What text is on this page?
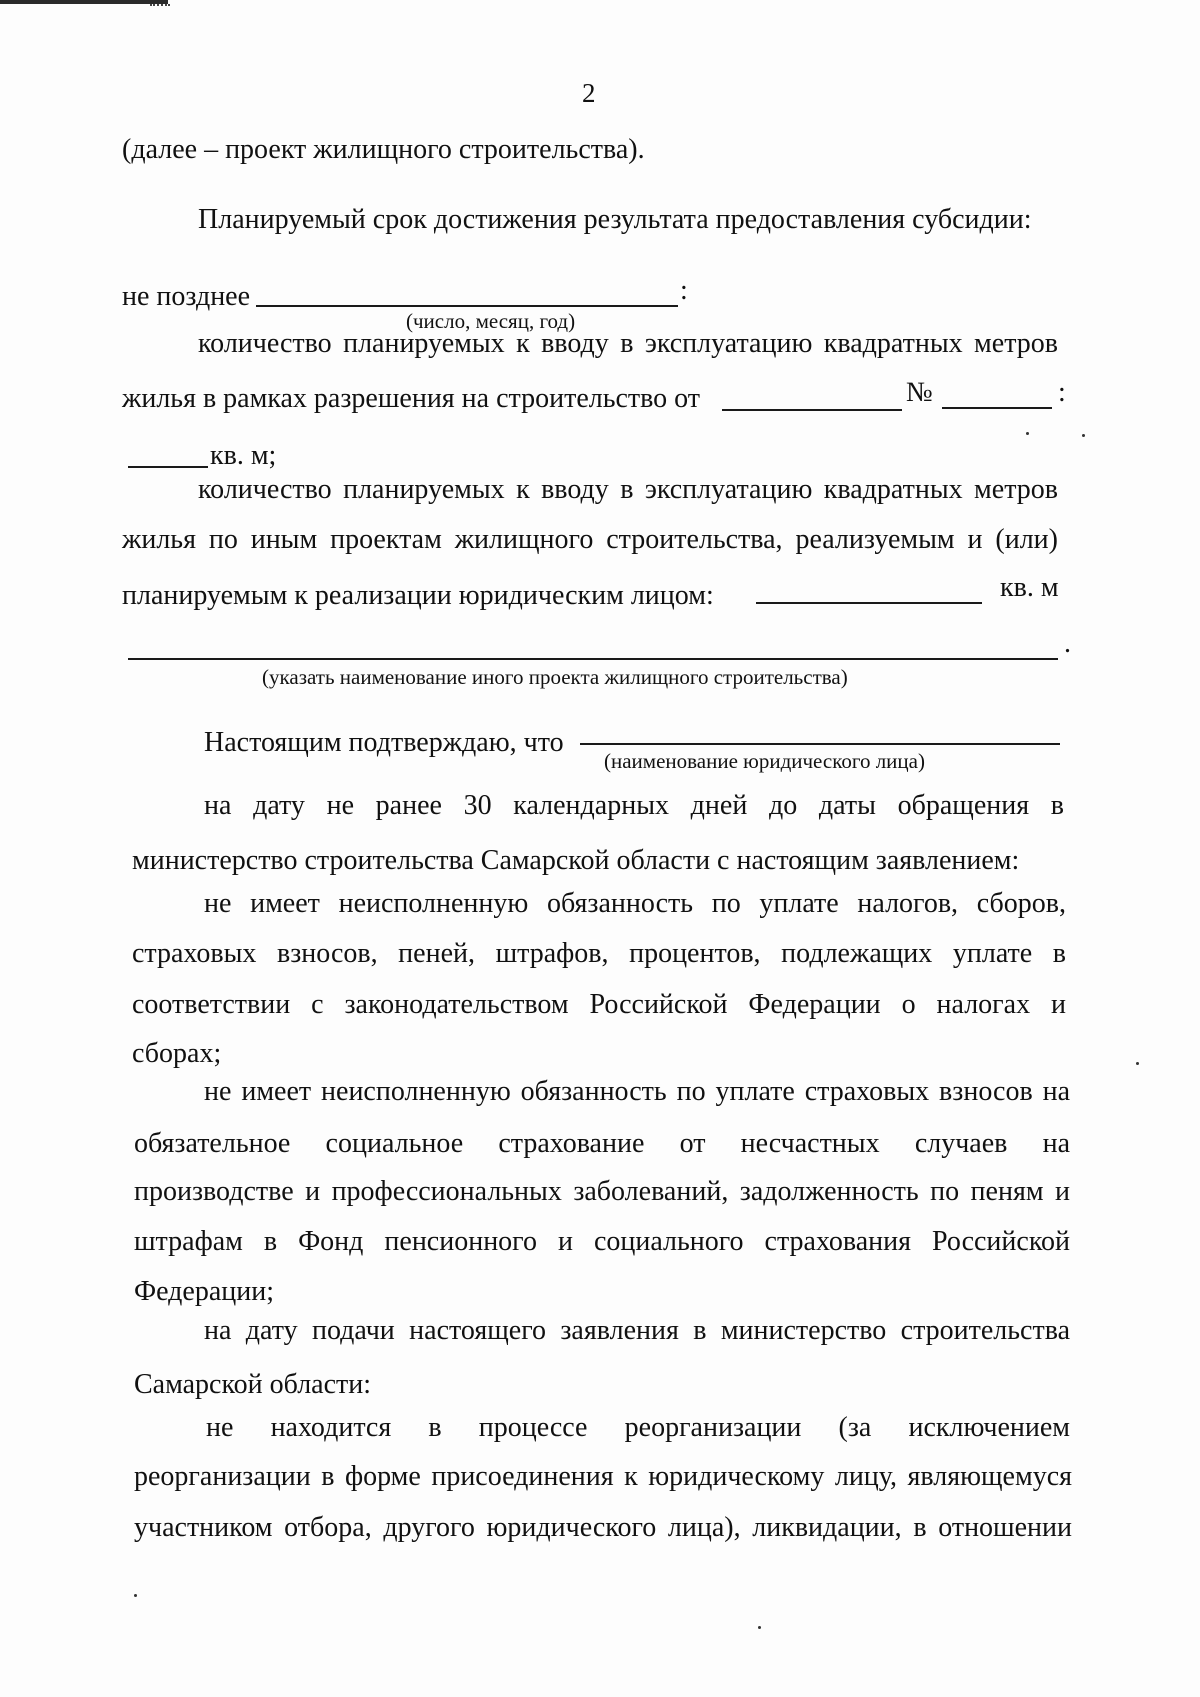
2
(далее – проект жилищного строительства).
Планируемый срок достижения результата предоставления субсидии:
не позднее	:
(число, месяц, год)
количество планируемых к вводу в эксплуатацию квадратных метров
жилья в рамках разрешения на строительство от	№	:
кв. м;
количество планируемых к вводу в эксплуатацию квадратных метров
жилья по иным проектам жилищного строительства, реализуемым и (или)
планируемым к реализации юридическим лицом:	кв. м
.
(указать наименование иного проекта жилищного строительства)
Настоящим подтверждаю, что
(наименование юридического лица)
на дату не ранее 30 календарных дней до даты обращения в
министерство строительства Самарской области с настоящим заявлением:
не имеет неисполненную обязанность по уплате налогов, сборов,
страховых взносов, пеней, штрафов, процентов, подлежащих уплате в
соответствии с законодательством Российской Федерации о налогах и
сборах;
не имеет неисполненную обязанность по уплате страховых взносов на
обязательное социальное страхование от несчастных случаев на
производстве и профессиональных заболеваний, задолженность по пеням и
штрафам в Фонд пенсионного и социального страхования Российской
Федерации;
на дату подачи настоящего заявления в министерство строительства
Самарской области:
не находится в процессе реорганизации (за исключением
реорганизации в форме присоединения к юридическому лицу, являющемуся
участником отбора, другого юридического лица), ликвидации, в отношении
